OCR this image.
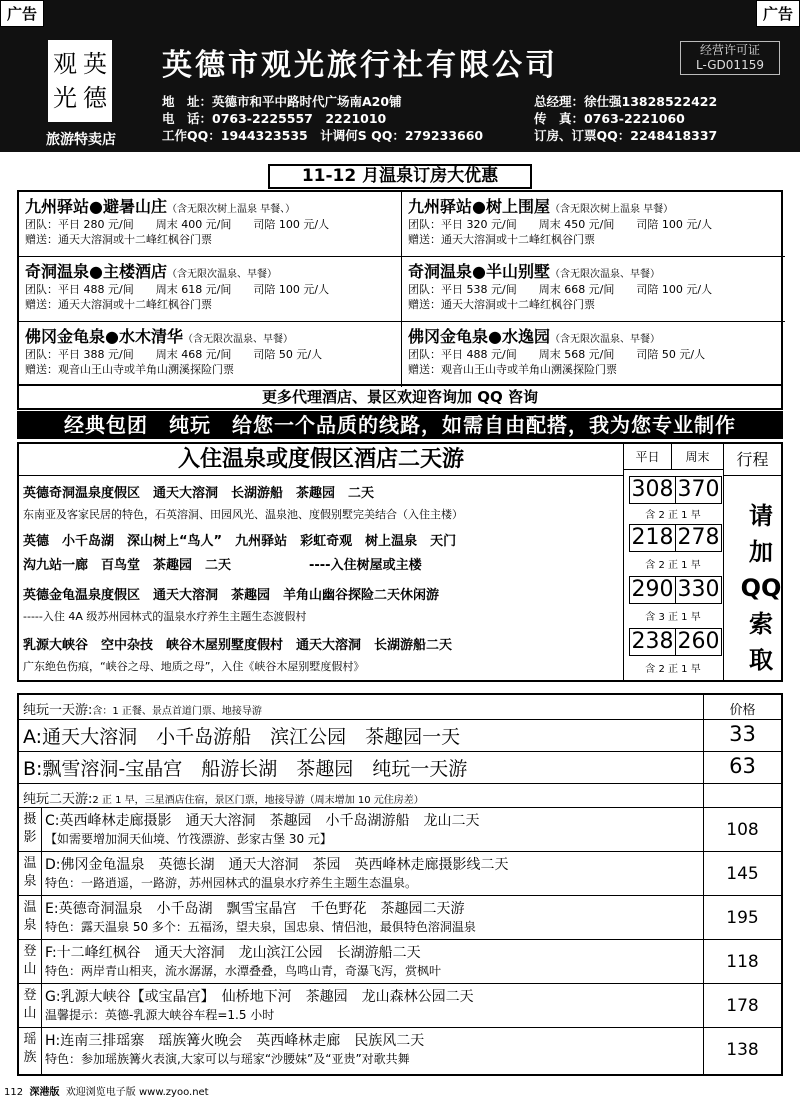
广告	广告
观 英
光 德
旅游特卖店
英德市观光旅行社有限公司	经营许可证
L-GD01159
地　址：英德市和平中路时代广场南A20铺
电　话：0763-2225557　2221010
工作QQ：1944323535　计调何S QQ：279233660
总经理：徐仕强13828522422
传　真：0763-2221060
订房、订票QQ：2248418337
11-12 月温泉订房大优惠
九州驿站●避暑山庄（含无限次树上温泉 早餐、）
团队：平日 280 元/间　　周末 400 元/间　　司陪 100 元/人
赠送：通天大溶洞或十二峰红枫谷门票
九州驿站●树上围屋（含无限次树上温泉 早餐）
团队：平日 320 元/间　　周末 450 元/间　　司陪 100 元/人
赠送：通天大溶洞或十二峰红枫谷门票
奇洞温泉●主楼酒店（含无限次温泉、早餐）
团队：平日 488 元/间　　周末 618 元/间　　司陪 100 元/人
赠送：通天大溶洞或十二峰红枫谷门票
奇洞温泉●半山别墅（含无限次温泉、早餐）
团队：平日 538 元/间　　周末 668 元/间　　司陪 100 元/人
赠送：通天大溶洞或十二峰红枫谷门票
佛冈金龟泉●水木清华（含无限次温泉、早餐）
团队：平日 388 元/间　　周末 468 元/间　　司陪 50 元/人
赠送：观音山王山寺或羊角山溯溪探险门票
佛冈金龟泉●水逸园（含无限次温泉、早餐）
团队：平日 488 元/间　　周末 568 元/间　　司陪 50 元/人
赠送：观音山王山寺或羊角山溯溪探险门票
更多代理酒店、景区欢迎咨询加 QQ 咨询
经典包团　纯玩　给您一个品质的线路，如需自由配搭，我为您专业制作
入住温泉或度假区酒店二天游	平日	周末	行程
请
加
QQ
索
取
英德奇洞温泉度假区　通天大溶洞　长湖游船　茶趣园　二天
东南亚及客家民居的特色，石英溶洞、田园风光、温泉池、度假别墅完美结合（入住主楼）
308 370
含 2 正 1 早
英德　小千岛湖　深山树上“鸟人”　九州驿站　彩虹奇观　树上温泉　天门
沟九站一廊　百鸟堂　茶趣园　二天　　　　　　----入住树屋或主楼
218 278
含 2 正 1 早
英德金龟温泉度假区　通天大溶洞　茶趣园　羊角山幽谷探险二天休闲游
-----入住 4A 级苏州园林式的温泉水疗养生主题生态渡假村
290 330
含 3 正 1 早
乳源大峡谷　空中杂技　峡谷木屋别墅度假村　通天大溶洞　长湖游船二天
广东绝色伤痕，“峡谷之母、地质之母”，入住《峡谷木屋别墅度假村》
238 260
含 2 正 1 早
纯玩一天游:含：1 正餐、景点首道门票、地接导游	价格
A:通天大溶洞　小千岛游船　滨江公园　茶趣园一天	33
B:飘雪溶洞-宝晶宫　船游长湖　茶趣园　纯玩一天游	63
纯玩二天游:2 正 1 早，三星酒店住宿，景区门票，地接导游（周末增加 10 元住房差）
摄
影
C:英西峰林走廊摄影　通天大溶洞　茶趣园　小千岛湖游船　龙山二天
【如需要增加洞天仙境、竹筏漂游、彭家古堡 30 元】	108
温
泉
D:佛冈金龟温泉　英德长湖　通天大溶洞　茶园　英西峰林走廊摄影线二天
特色：一路逍遥，一路游，苏州园林式的温泉水疗养生主题生态温泉。	145
温
泉
E:英德奇洞温泉　小千岛湖　飘雪宝晶宫　千色野花　茶趣园二天游
特色：露天温泉 50 多个：五福汤，望夫泉，国忠泉、情侣池，最俱特色溶洞温泉	195
登
山
F:十二峰红枫谷　通天大溶洞　龙山滨江公园　长湖游船二天
特色：两岸青山相夹，流水潺潺，水潭叠叠，鸟鸣山青，奇瀑飞泻，赏枫叶	118
登
山
G:乳源大峡谷【或宝晶宫】　仙桥地下河　茶趣园　龙山森林公园二天
温馨提示：英德-乳源大峡谷车程=1.5 小时	178
瑶
族
H:连南三排瑶寨　瑶族篝火晚会　英西峰林走廊　民族风二天
特色：参加瑶族篝火表演,大家可以与瑶家“沙腰妹”及“亚贵”对歌共舞	138
112 深港版 欢迎浏览电子版 www.zyoo.net
